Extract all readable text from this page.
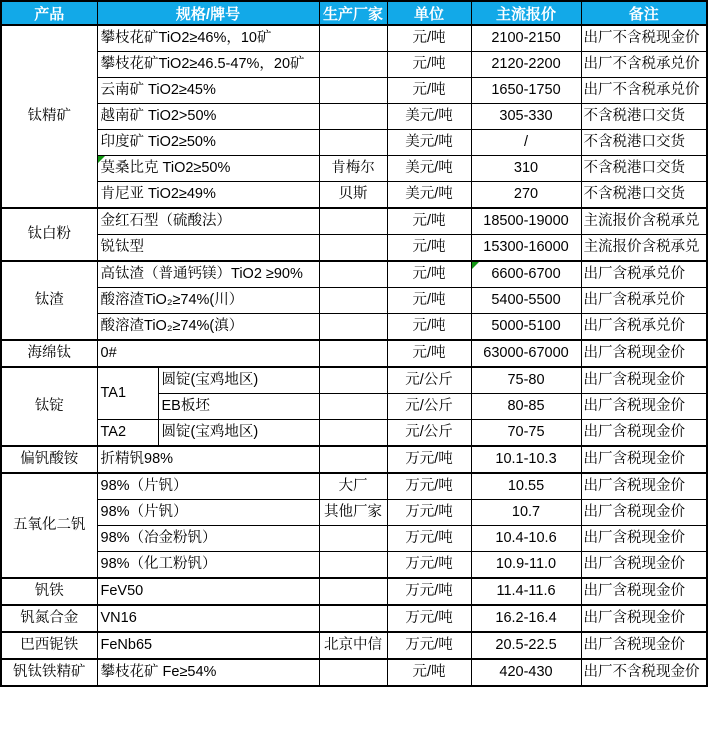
产品	规格/牌号		生产厂家	单位	主流报价	备注
钛精矿	攀枝花矿TiO2≥46%，10矿			元/吨	2100-2150	出厂不含税现金价
	攀枝花矿TiO2≥46.5-47%，20矿			元/吨	2120-2200	出厂不含税承兑价
	云南矿 TiO2≥45%			元/吨	1650-1750	出厂不含税承兑价
	越南矿 TiO2>50%			美元/吨	305-330	不含税港口交货
	印度矿 TiO2≥50%			美元/吨	/	不含税港口交货
	莫桑比克 TiO2≥50%		肯梅尔	美元/吨	310	不含税港口交货
	肯尼亚 TiO2≥49%		贝斯	美元/吨	270	不含税港口交货
钛白粉	金红石型（硫酸法）			元/吨	18500-19000	主流报价含税承兑
	锐钛型			元/吨	15300-16000	主流报价含税承兑
钛渣	高钛渣（普通钙镁）TiO2 ≥90%			元/吨	6600-6700	出厂含税承兑价
	酸溶渣TiO₂≥74%(川）			元/吨	5400-5500	出厂含税承兑价
	酸溶渣TiO₂≥74%(滇）			元/吨	5000-5100	出厂含税承兑价
海绵钛	0#			元/吨	63000-67000	出厂含税现金价
钛锭	TA1	圆锭(宝鸡地区)		元/公斤	75-80	出厂含税现金价
		EB板坯		元/公斤	80-85	出厂含税现金价
	TA2	圆锭(宝鸡地区)		元/公斤	70-75	出厂含税现金价
偏钒酸铵	折精钒98%			万元/吨	10.1-10.3	出厂含税现金价
五氧化二钒	98%（片钒）		大厂	万元/吨	10.55	出厂含税现金价
	98%（片钒）		其他厂家	万元/吨	10.7	出厂含税现金价
	98%（冶金粉钒）			万元/吨	10.4-10.6	出厂含税现金价
	98%（化工粉钒）			万元/吨	10.9-11.0	出厂含税现金价
钒铁	FeV50			万元/吨	11.4-11.6	出厂含税现金价
钒氮合金	VN16			万元/吨	16.2-16.4	出厂含税现金价
巴西铌铁	FeNb65		北京中信	万元/吨	20.5-22.5	出厂含税现金价
钒钛铁精矿	攀枝花矿 Fe≥54%			元/吨	420-430	出厂不含税现金价
